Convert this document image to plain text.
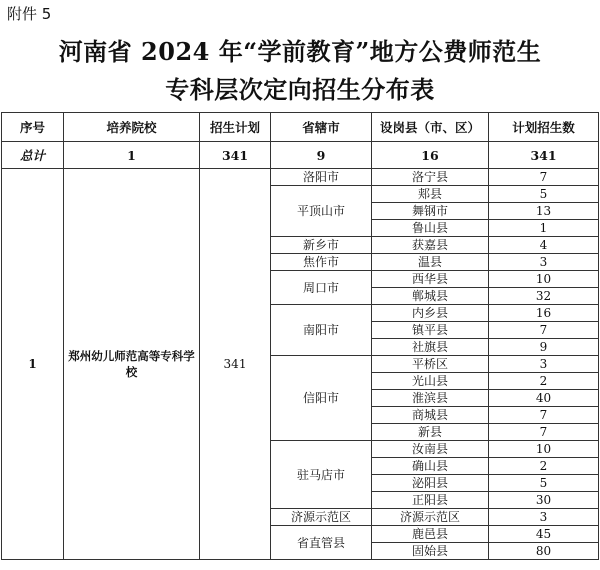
附件 5
河南省 2024 年“学前教育”地方公费师范生
专科层次定向招生分布表
序号	培养院校	招生计划	省辖市	设岗县（市、区）	计划招生数
总计	1	341	9	16	341
1	郑州幼儿师范高等专科学校	341	洛阳市	洛宁县	7
			平顶山市	郏县	5
				舞钢市	13
				鲁山县	1
			新乡市	获嘉县	4
			焦作市	温县	3
			周口市	西华县	10
				郸城县	32
			南阳市	内乡县	16
				镇平县	7
				社旗县	9
			信阳市	平桥区	3
				光山县	2
				淮滨县	40
				商城县	7
				新县	7
			驻马店市	汝南县	10
				确山县	2
				泌阳县	5
				正阳县	30
			济源示范区	济源示范区	3
			省直管县	鹿邑县	45
				固始县	80
